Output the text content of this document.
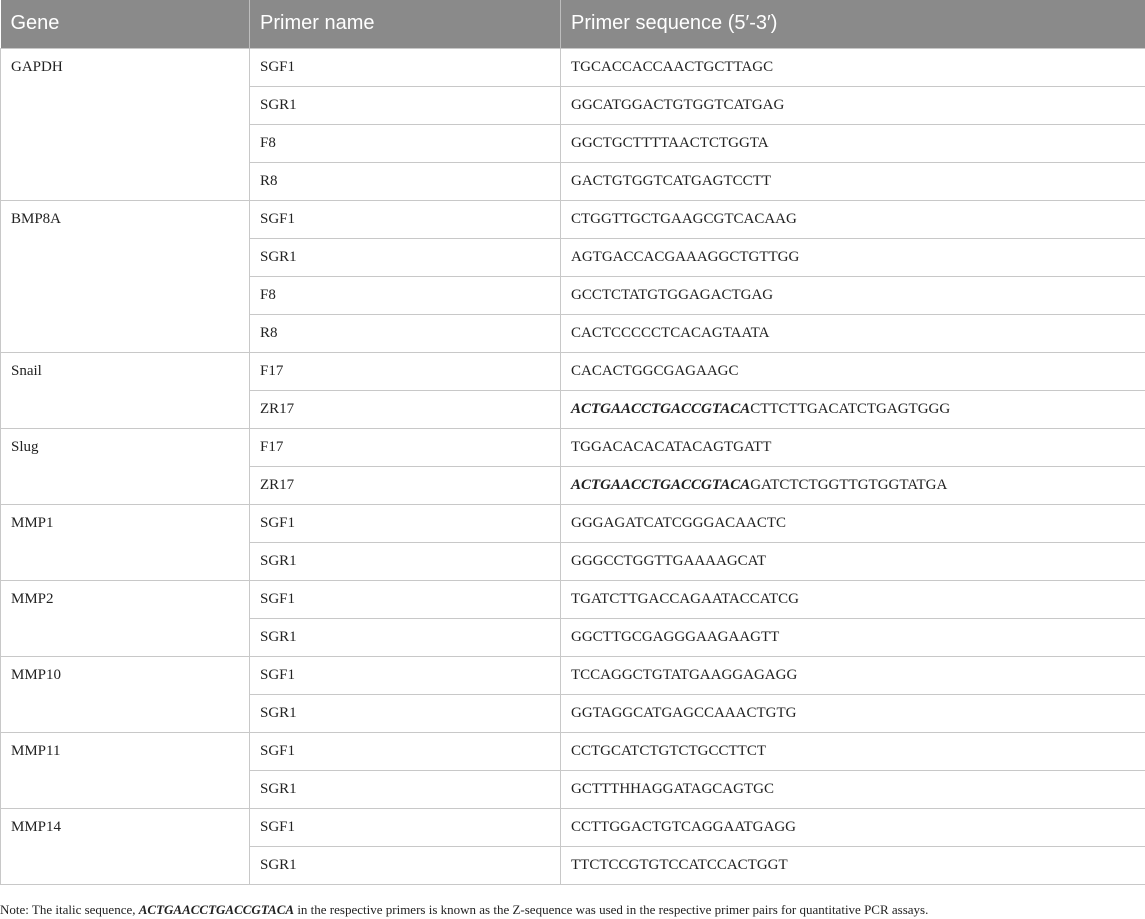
Gene	Primer name	Primer sequence (5′-3′)
GAPDH	SGF1	TGCACCACCAACTGCTTAGC
	SGR1	GGCATGGACTGTGGTCATGAG
	F8	GGCTGCTTTTAACTCTGGTA
	R8	GACTGTGGTCATGAGTCCTT
BMP8A	SGF1	CTGGTTGCTGAAGCGTCACAAG
	SGR1	AGTGACCACGAAAGGCTGTTGG
	F8	GCCTCTATGTGGAGACTGAG
	R8	CACTCCCCCTCACAGTAATA
Snail	F17	CACACTGGCGAGAAGC
	ZR17	ACTGAACCTGACCGTACACTTCTTGACATCTGAGTGGG
Slug	F17	TGGACACACATACAGTGATT
	ZR17	ACTGAACCTGACCGTACAGATCTCTGGTTGTGGTATGA
MMP1	SGF1	GGGAGATCATCGGGACAACTC
	SGR1	GGGCCTGGTTGAAAAGCAT
MMP2	SGF1	TGATCTTGACCAGAATACCATCG
	SGR1	GGCTTGCGAGGGAAGAAGTT
MMP10	SGF1	TCCAGGCTGTATGAAGGAGAGG
	SGR1	GGTAGGCATGAGCCAAACTGTG
MMP11	SGF1	CCTGCATCTGTCTGCCTTCT
	SGR1	GCTTTHHAGGATAGCAGTGC
MMP14	SGF1	CCTTGGACTGTCAGGAATGAGG
	SGR1	TTCTCCGTGTCCATCCACTGGT
Note: The italic sequence, ACTGAACCTGACCGTACA in the respective primers is known as the Z-sequence was used in the respective primer pairs for quantitative PCR assays.
